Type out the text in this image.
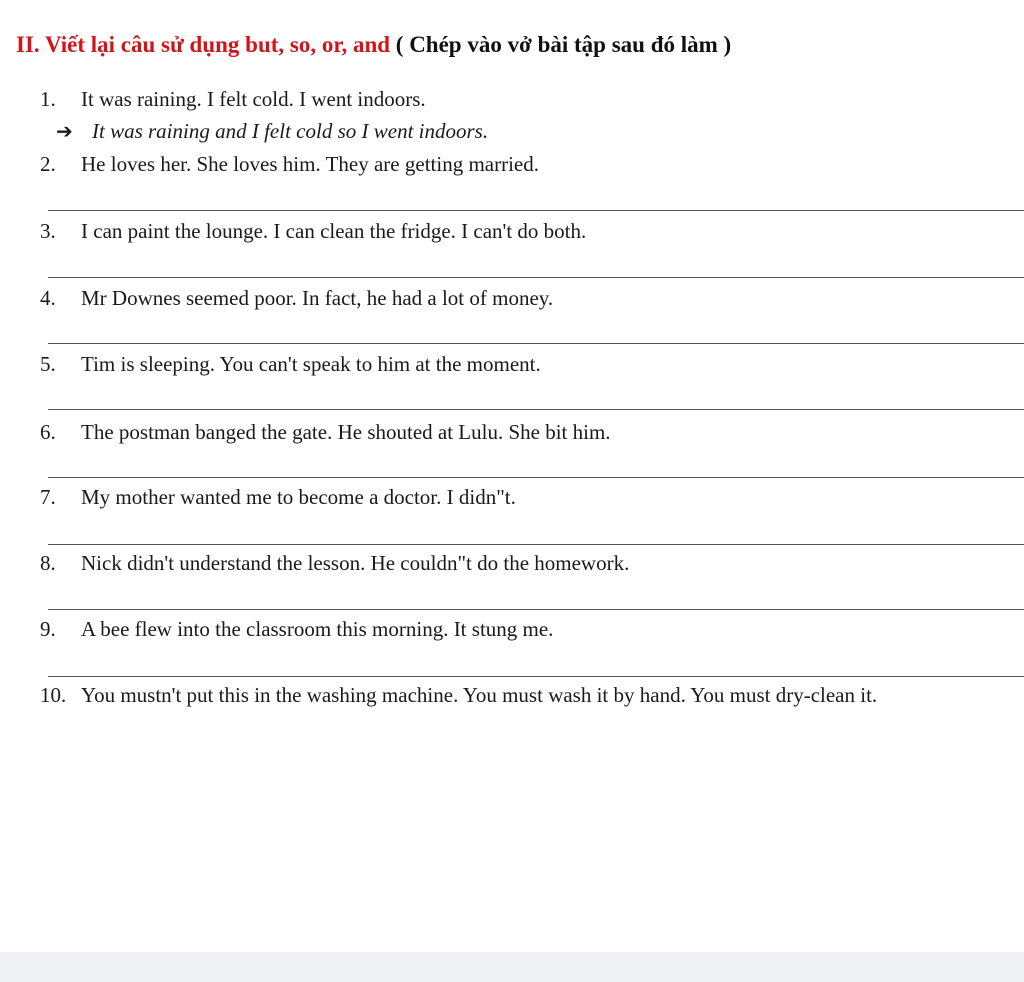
II. Viết lại câu sử dụng but, so, or, and ( Chép vào vở bài tập sau đó làm )
1. It was raining. I felt cold. I went indoors.
➔ It was raining and I felt cold so I went indoors.
2. He loves her. She loves him. They are getting married.
3. I can paint the lounge. I can clean the fridge. I can't do both.
4. Mr Downes seemed poor. In fact, he had a lot of money.
5. Tim is sleeping. You can't speak to him at the moment.
6. The postman banged the gate. He shouted at Lulu. She bit him.
7. My mother wanted me to become a doctor. I didn"t.
8. Nick didn't understand the lesson. He couldn"t do the homework.
9. A bee flew into the classroom this morning. It stung me.
10. You mustn't put this in the washing machine. You must wash it by hand. You must dry-clean it.
